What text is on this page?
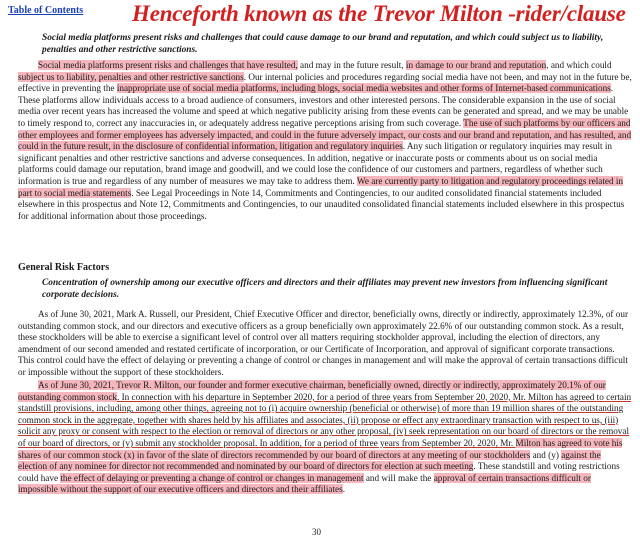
Table of Contents Henceforth known as the Trevor Milton -rider/clause

Social media platforms present risks and challenges that could cause damage to our brand and reputation, and which could subject us to liability, penalties and other restrictive sanctions.

Social media platforms present risks and challenges that have resulted, and may in the future result, in damage to our brand and reputation, and which could subject us to liability, penalties and other restrictive sanctions. Our internal policies and procedures regarding social media have not been, and may not in the future be, effective in preventing the inappropriate use of social media platforms, including blogs, social media websites and other forms of Internet-based communications. These platforms allow individuals access to a broad audience of consumers, investors and other interested persons. The considerable expansion in the use of social media over recent years has increased the volume and speed at which negative publicity arising from these events can be generated and spread, and we may be unable to timely respond to, correct any inaccuracies in, or adequately address negative perceptions arising from such coverage. The use of such platforms by our officers and other employees and former employees has adversely impacted, and could in the future adversely impact, our costs and our brand and reputation, and has resulted, and could in the future result, in the disclosure of confidential information, litigation and regulatory inquiries. Any such litigation or regulatory inquiries may result in significant penalties and other restrictive sanctions and adverse consequences. In addition, negative or inaccurate posts or comments about us on social media platforms could damage our reputation, brand image and goodwill, and we could lose the confidence of our customers and partners, regardless of whether such information is true and regardless of any number of measures we may take to address them. We are currently party to litigation and regulatory proceedings related in part to social media statements. See Legal Proceedings in Note 14, Commitments and Contingencies, to our audited consolidated financial statements included elsewhere in this prospectus and Note 12, Commitments and Contingencies, to our unaudited consolidated financial statements included elsewhere in this prospectus for additional information about those proceedings.

General Risk Factors

Concentration of ownership among our executive officers and directors and their affiliates may prevent new investors from influencing significant corporate decisions.

As of June 30, 2021, Mark A. Russell, our President, Chief Executive Officer and director, beneficially owns, directly or indirectly, approximately 12.3%, of our outstanding common stock, and our directors and executive officers as a group beneficially own approximately 22.6% of our outstanding common stock. As a result, these stockholders will be able to exercise a significant level of control over all matters requiring stockholder approval, including the election of directors, any amendment of our second amended and restated certificate of incorporation, or our Certificate of Incorporation, and approval of significant corporate transactions. This control could have the effect of delaying or preventing a change of control or changes in management and will make the approval of certain transactions difficult or impossible without the support of these stockholders.

As of June 30, 2021, Trevor R. Milton, our founder and former executive chairman, beneficially owned, directly or indirectly, approximately 20.1% of our outstanding common stock. In connection with his departure in September 2020, for a period of three years from September 20, 2020, Mr. Milton has agreed to certain standstill provisions, including, among other things, agreeing not to (i) acquire ownership (beneficial or otherwise) of more than 19 million shares of the outstanding common stock in the aggregate, together with shares held by his affiliates and associates, (ii) propose or effect any extraordinary transaction with respect to us, (iii) solicit any proxy or consent with respect to the election or removal of directors or any other proposal, (iv) seek representation on our board of directors or the removal of our board of directors, or (v) submit any stockholder proposal. In addition, for a period of three years from September 20, 2020, Mr. Milton has agreed to vote his shares of our common stock (x) in favor of the slate of directors recommended by our board of directors at any meeting of our stockholders and (y) against the election of any nominee for director not recommended and nominated by our board of directors for election at such meeting. These standstill and voting restrictions could have the effect of delaying or preventing a change of control or changes in management and will make the approval of certain transactions difficult or impossible without the support of our executive officers and directors and their affiliates.

30
